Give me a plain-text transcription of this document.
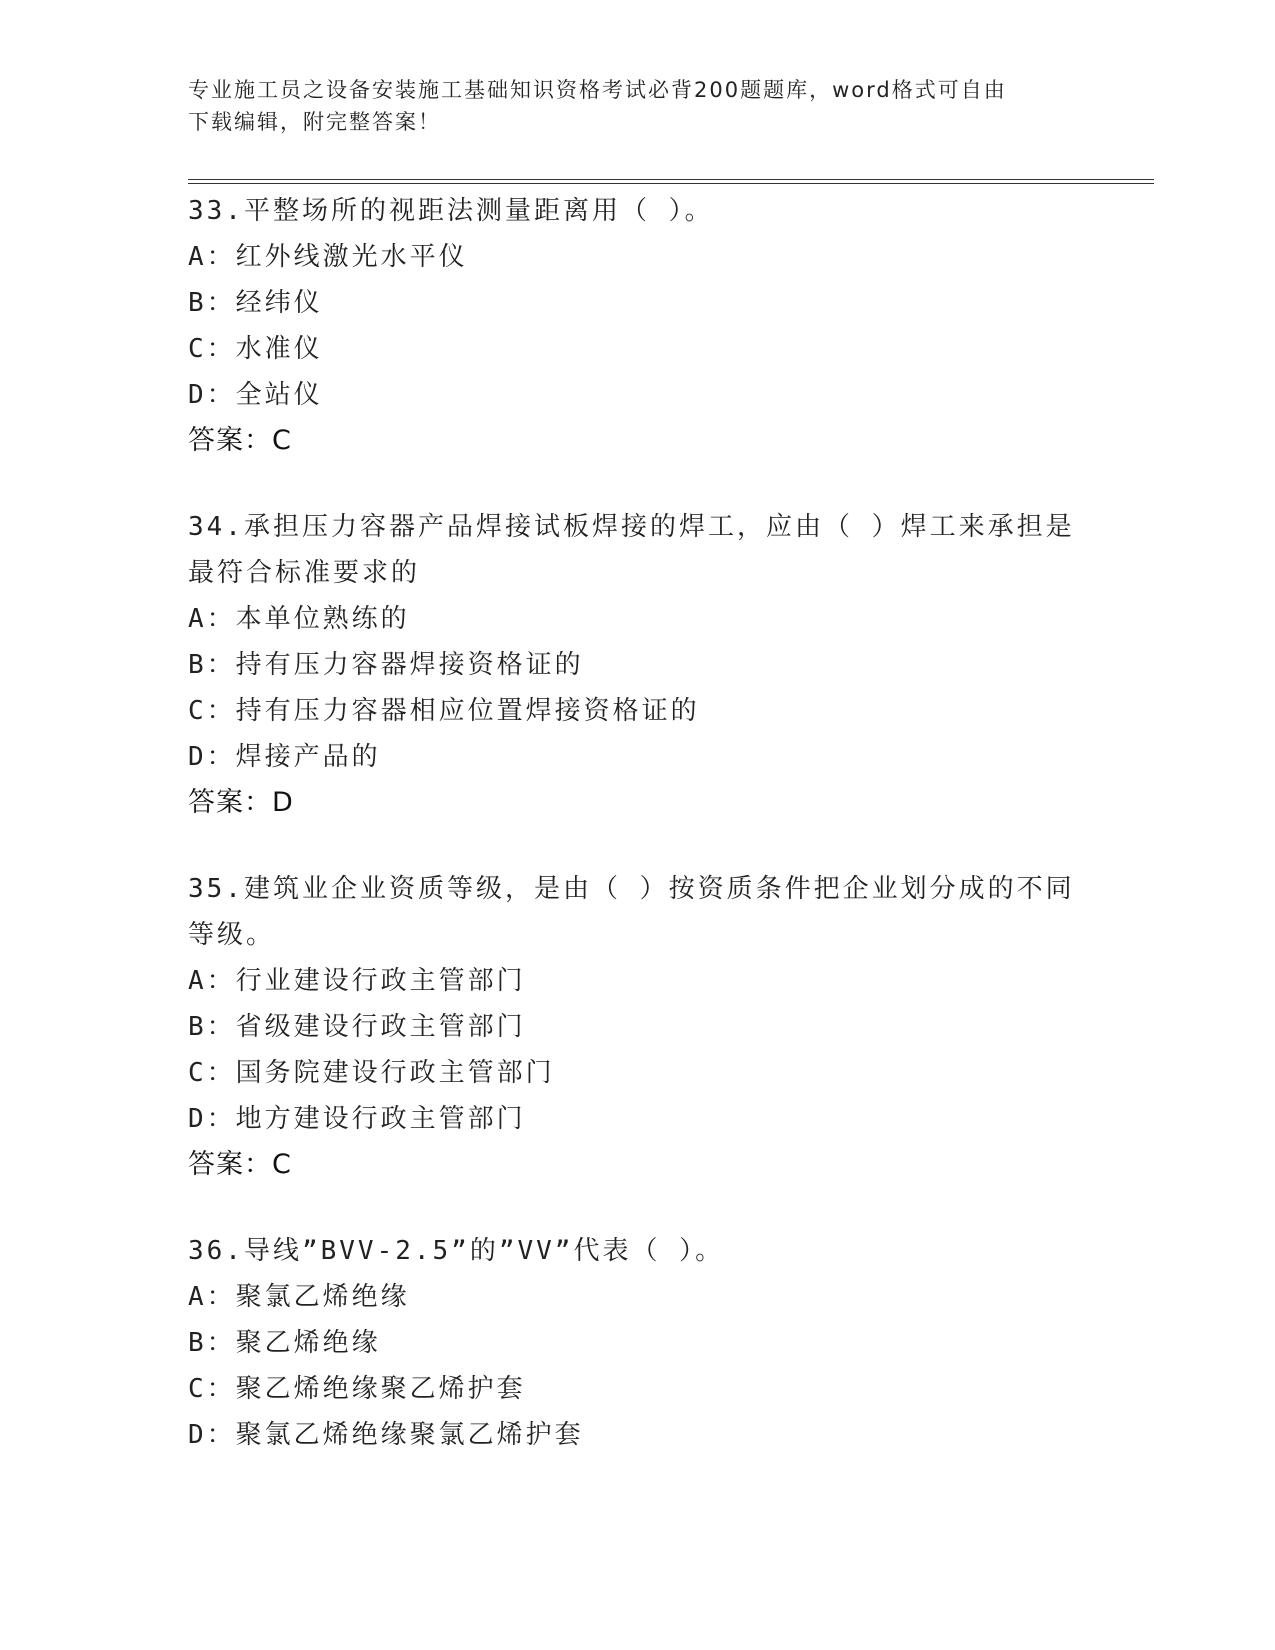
专业施工员之设备安装施工基础知识资格考试必背200题题库，word格式可自由
下载编辑，附完整答案！
33.平整场所的视距法测量距离用（ ）。
A：红外线激光水平仪
B：经纬仪
C：水准仪
D：全站仪
答案：C
34.承担压力容器产品焊接试板焊接的焊工，应由（ ）焊工来承担是
最符合标准要求的
A：本单位熟练的
B：持有压力容器焊接资格证的
C：持有压力容器相应位置焊接资格证的
D：焊接产品的
答案：D
35.建筑业企业资质等级，是由（ ）按资质条件把企业划分成的不同
等级。
A：行业建设行政主管部门
B：省级建设行政主管部门
C：国务院建设行政主管部门
D：地方建设行政主管部门
答案：C
36.导线”BVV-2.5”的”VV”代表（ ）。
A：聚氯乙烯绝缘
B：聚乙烯绝缘
C：聚乙烯绝缘聚乙烯护套
D：聚氯乙烯绝缘聚氯乙烯护套
